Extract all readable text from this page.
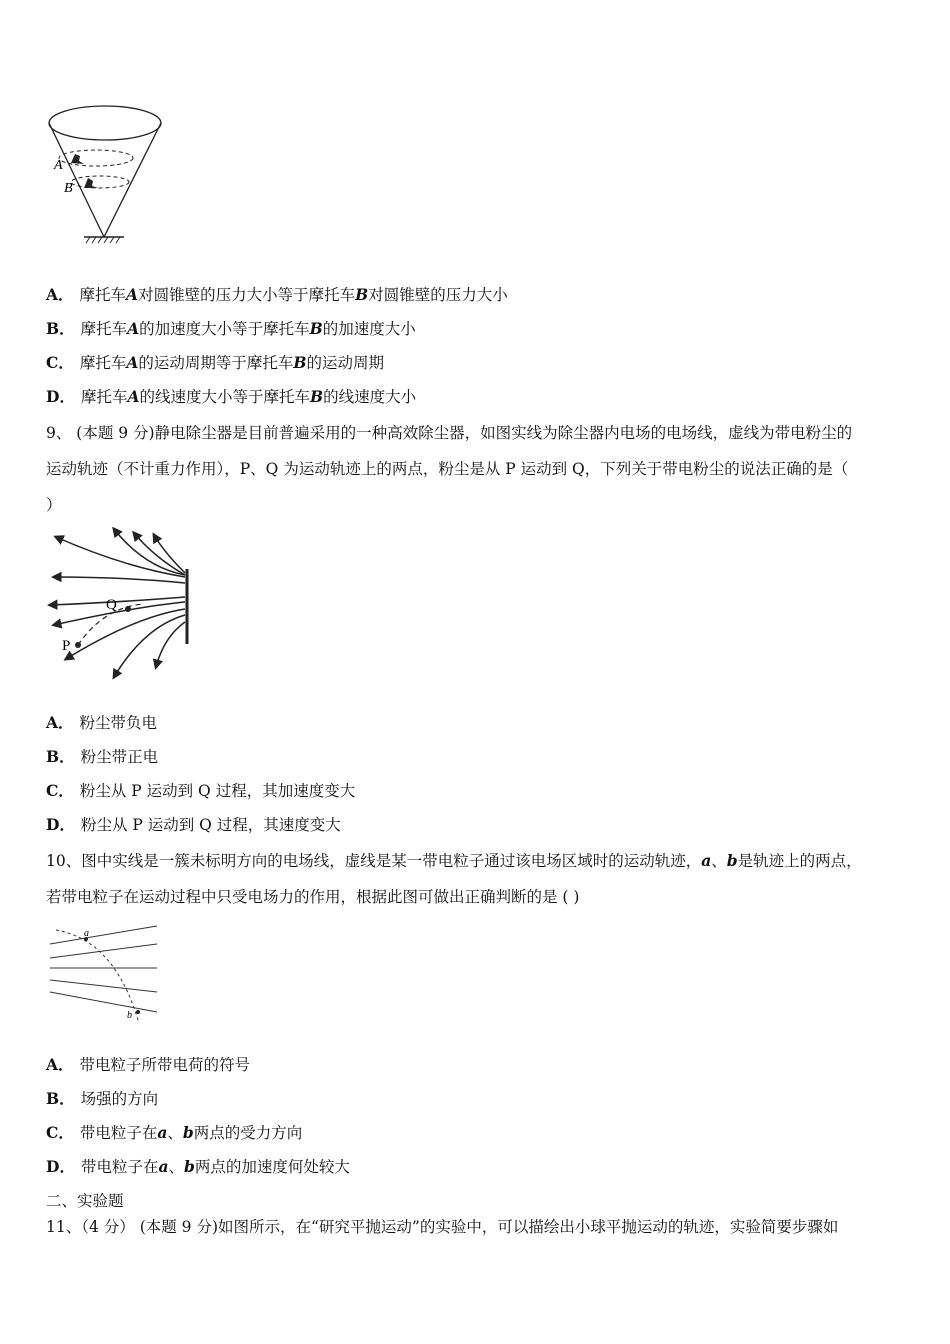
A
B
A． 摩托车A对圆锥壁的压力大小等于摩托车B对圆锥壁的压力大小
B． 摩托车A的加速度大小等于摩托车B的加速度大小
C． 摩托车A的运动周期等于摩托车B的运动周期
D． 摩托车A的线速度大小等于摩托车B的线速度大小
9、 (本题 9 分)静电除尘器是目前普遍采用的一种高效除尘器，如图实线为除尘器内电场的电场线，虚线为带电粉尘的
运动轨迹（不计重力作用），P、Q 为运动轨迹上的两点，粉尘是从 P 运动到 Q，下列关于带电粉尘的说法正确的是（
）
P
Q
A． 粉尘带负电
B． 粉尘带正电
C． 粉尘从 P 运动到 Q 过程，其加速度变大
D． 粉尘从 P 运动到 Q 过程，其速度变大
10、图中实线是一簇未标明方向的电场线，虚线是某一带电粒子通过该电场区域时的运动轨迹，a、b是轨迹上的两点，
若带电粒子在运动过程中只受电场力的作用，根据此图可做出正确判断的是 ( )
a
b
A． 带电粒子所带电荷的符号
B． 场强的方向
C． 带电粒子在a、b两点的受力方向
D． 带电粒子在a、b两点的加速度何处较大
二、实验题
11、（4 分） (本题 9 分)如图所示，在“研究平抛运动”的实验中，可以描绘出小球平抛运动的轨迹，实验简要步骤如
